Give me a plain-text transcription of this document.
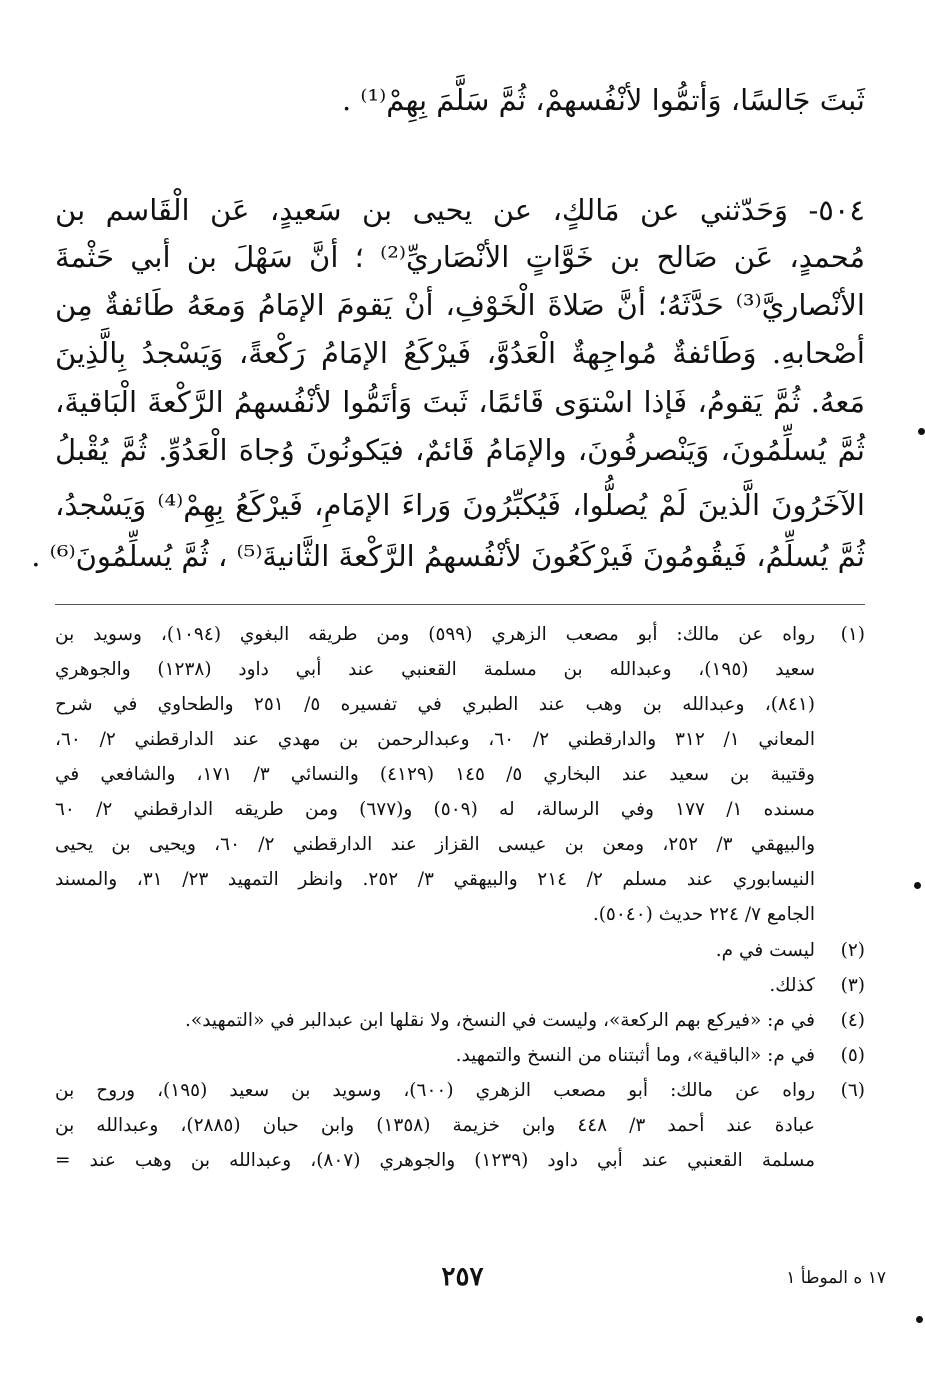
ثَبتَ جَالسًا، وَأتمُّوا لأنْفُسهمْ، ثُمَّ سَلَّمَ بِهِمْ⁽¹⁾ .
٥٠٤- وَحَدّثني عن مَالكٍ، عن يحيى بن سَعيدٍ، عَن الْقَاسم بن
مُحمدٍ، عَن صَالح بن خَوَّاتٍ الأنْصَاريِّ⁽²⁾ ؛ أنَّ سَهْلَ بن أبي حَثْمةَ
الأنْصاريَّ⁽³⁾ حَدَّثَهُ؛ أنَّ صَلاةَ الْخَوْفِ، أنْ يَقومَ الإمَامُ وَمعَهُ طَائفةٌ مِن
أصْحابهِ. وَطَائفةٌ مُواجِهةٌ الْعَدُوَّ، فَيرْكَعُ الإمَامُ رَكْعةً، وَيَسْجدُ بِالَّذِينَ
مَعهُ. ثُمَّ يَقومُ، فَإذا اسْتوَى قَائمًا، ثَبتَ وَأتَمُّوا لأنْفُسهمُ الرَّكْعةَ الْبَاقيةَ،
ثُمَّ يُسلِّمُونَ، وَيَنْصرفُونَ، والإمَامُ قَائمٌ، فيَكونُونَ وُجاهَ الْعَدُوِّ. ثُمَّ يُقْبلُ
الآخَرُونَ الَّذينَ لَمْ يُصلُّوا، فَيُكبِّرُونَ وَراءَ الإمَامِ، فَيرْكَعُ بِهِمْ⁽⁴⁾ وَيَسْجدُ،
ثُمَّ يُسلِّمُ، فَيقُومُونَ فَيرْكَعُونَ لأنْفُسهمُ الرَّكْعةَ الثَّانيةَ⁽⁵⁾ ، ثُمَّ يُسلِّمُونَ⁽⁶⁾ .
(١)
رواه عن مالك: أبو مصعب الزهري (٥٩٩) ومن طريقه البغوي (١٠٩٤)، وسويد بن
سعيد (١٩٥)، وعبدالله بن مسلمة القعنبي عند أبي داود (١٢٣٨) والجوهري
(٨٤١)، وعبدالله بن وهب عند الطبري في تفسيره ٥/ ٢٥١ والطحاوي في شرح
المعاني ١/ ٣١٢ والدارقطني ٢/ ٦٠، وعبدالرحمن بن مهدي عند الدارقطني ٢/ ٦٠،
وقتيبة بن سعيد عند البخاري ٥/ ١٤٥ (٤١٢٩) والنسائي ٣/ ١٧١، والشافعي في
مسنده ١/ ١٧٧ وفي الرسالة، له (٥٠٩) و(٦٧٧) ومن طريقه الدارقطني ٢/ ٦٠
والبيهقي ٣/ ٢٥٢، ومعن بن عيسى القزاز عند الدارقطني ٢/ ٦٠، ويحيى بن يحيى
النيسابوري عند مسلم ٢/ ٢١٤ والبيهقي ٣/ ٢٥٢. وانظر التمهيد ٢٣/ ٣١، والمسند
الجامع ٧/ ٢٢٤ حديث (٥٠٤٠).
(٢)
ليست في م.
(٣)
كذلك.
(٤)
في م: «فيركع بهم الركعة»، وليست في النسخ، ولا نقلها ابن عبدالبر في «التمهيد».
(٥)
في م: «الباقية»، وما أثبتناه من النسخ والتمهيد.
(٦)
رواه عن مالك: أبو مصعب الزهري (٦٠٠)، وسويد بن سعيد (١٩٥)، وروح بن
عبادة عند أحمد ٣/ ٤٤٨ وابن خزيمة (١٣٥٨) وابن حبان (٢٨٨٥)، وعبدالله بن
مسلمة القعنبي عند أبي داود (١٢٣٩) والجوهري (٨٠٧)، وعبدالله بن وهب عند =
٢٥٧	١٧ ه الموطأ ١
